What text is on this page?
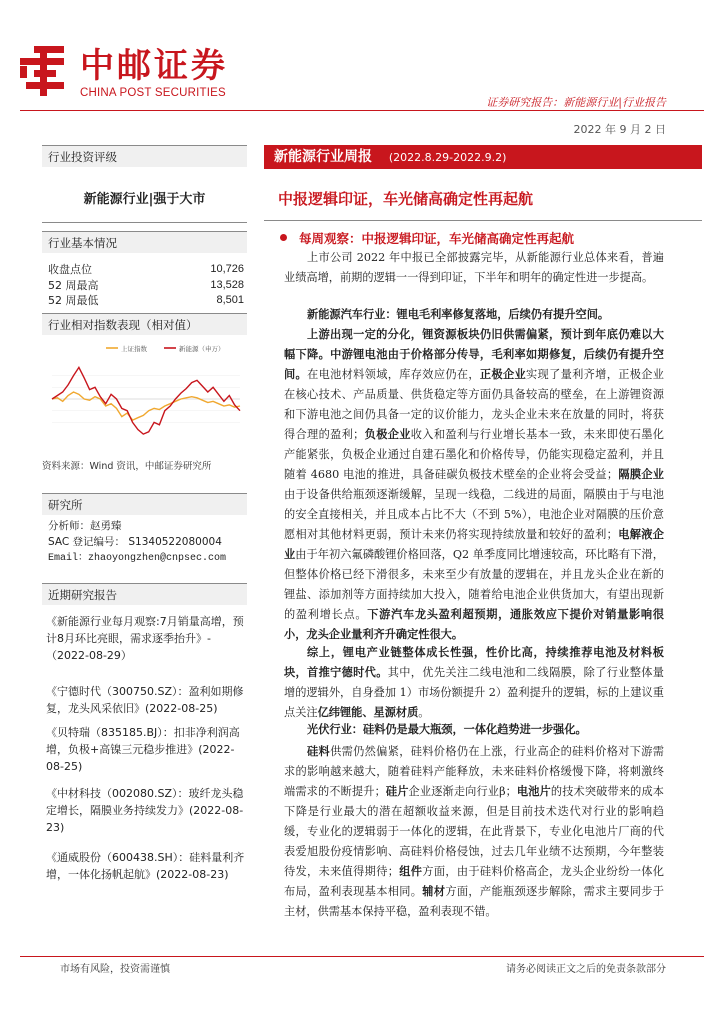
中邮证券
CHINA POST SECURITIES
证券研究报告：新能源行业|行业报告
2022 年 9 月 2 日
行业投资评级
新能源行业|强于大市
行业基本情况
收盘点位	10,726
52 周最高	13,528
52 周最低	8,501
行业相对指数表现（相对值）
上证指数	新能源（申万）
资料来源：Wind 资讯，中邮证券研究所
研究所
分析师：赵勇臻
SAC 登记编号： S1340522080004
Email：zhaoyongzhen@cnpsec.com
近期研究报告
《新能源行业每月观察:7月销量高增，预计8月环比亮眼，需求逐季抬升》-（2022-08-29）
《宁德时代（300750.SZ）：盈利如期修复，龙头风采依旧》(2022-08-25)
《贝特瑞（835185.BJ）：扣非净利润高增，负极+高镍三元稳步推进》(2022-08-25)
《中材科技（002080.SZ）：玻纤龙头稳定增长，隔膜业务持续发力》(2022-08-23)
《通威股份（600438.SH）：硅料量利齐增，一体化扬帆起航》(2022-08-23)
新能源行业周报 (2022.8.29-2022.9.2)
中报逻辑印证，车光储高确定性再起航
每周观察：中报逻辑印证，车光储高确定性再起航
上市公司 2022 年中报已全部披露完毕，从新能源行业总体来看，普遍业绩高增，前期的逻辑一一得到印证，下半年和明年的确定性进一步提高。
新能源汽车行业：锂电毛利率修复落地，后续仍有提升空间。
上游出现一定的分化，锂资源板块仍旧供需偏紧，预计到年底仍难以大幅下降。中游锂电池由于价格部分传导，毛利率如期修复，后续仍有提升空间。在电池材料领域，库存效应仍在，正极企业实现了量利齐增，正极企业在核心技术、产品质量、供货稳定等方面仍具备较高的壁垒，在上游锂资源和下游电池之间仍具备一定的议价能力，龙头企业未来在放量的同时，将获得合理的盈利；负极企业收入和盈利与行业增长基本一致，未来即使石墨化产能紧张，负极企业通过自建石墨化和价格传导，仍能实现稳定盈利，并且随着 4680 电池的推进，具备硅碳负极技术壁垒的企业将会受益；隔膜企业由于设备供给瓶颈逐渐缓解，呈现一线稳，二线进的局面，隔膜由于与电池的安全直接相关，并且成本占比不大（不到 5%），电池企业对隔膜的压价意愿相对其他材料更弱，预计未来仍将实现持续放量和较好的盈利；电解液企业由于年初六氟磷酸锂价格回落，Q2 单季度同比增速较高，环比略有下滑，但整体价格已经下滑很多，未来至少有放量的逻辑在，并且龙头企业在新的锂盐、添加剂等方面持续加大投入，随着给电池企业供货加大，有望出现新的盈利增长点。下游汽车龙头盈利超预期，通胀效应下提价对销量影响很小，龙头企业量利齐升确定性很大。
综上，锂电产业链整体成长性强，性价比高，持续推荐电池及材料板块，首推宁德时代。其中，优先关注二线电池和二线隔膜，除了行业整体量增的逻辑外，自身叠加 1）市场份额提升 2）盈利提升的逻辑，标的上建议重点关注亿纬锂能、星源材质。
光伏行业：硅料仍是最大瓶颈，一体化趋势进一步强化。
硅料供需仍然偏紧，硅料价格仍在上涨，行业高企的硅料价格对下游需求的影响越来越大，随着硅料产能释放，未来硅料价格缓慢下降，将刺激终端需求的不断提升；硅片企业逐渐走向行业β；电池片的技术突破带来的成本下降是行业最大的潜在超额收益来源，但是目前技术迭代对行业的影响趋缓，专业化的逻辑弱于一体化的逻辑，在此背景下，专业化电池片厂商的代表爱旭股份疫情影响、高硅料价格侵蚀，过去几年业绩不达预期，今年整装待发，未来值得期待；组件方面，由于硅料价格高企，龙头企业纷纷一体化布局，盈利表现基本相同。辅材方面，产能瓶颈逐步解除，需求主要同步于主材，供需基本保持平稳，盈利表现不错。
市场有风险，投资需谨慎	请务必阅读正文之后的免责条款部分
